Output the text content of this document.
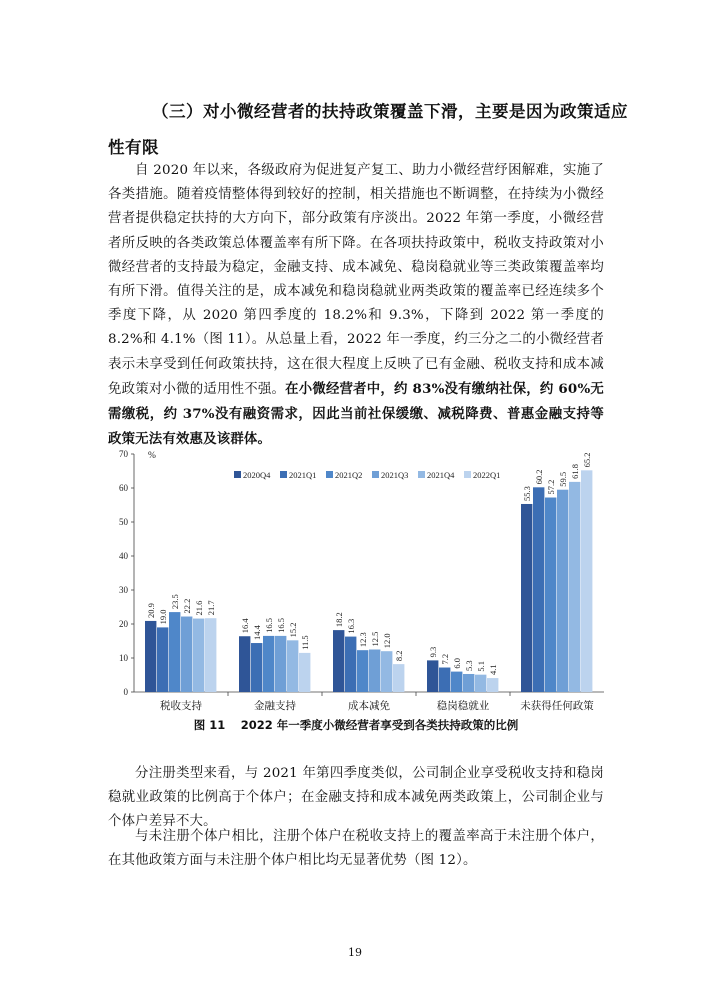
（三）对小微经营者的扶持政策覆盖下滑，主要是因为政策适应
性有限

自 2020 年以来，各级政府为促进复产复工、助力小微经营纾困解难，实施了各类措施。随着疫情整体得到较好的控制，相关措施也不断调整，在持续为小微经营者提供稳定扶持的大方向下，部分政策有序淡出。2022 年第一季度，小微经营者所反映的各类政策总体覆盖率有所下降。在各项扶持政策中，税收支持政策对小微经营者的支持最为稳定，金融支持、成本减免、稳岗稳就业等三类政策覆盖率均有所下滑。值得关注的是，成本减免和稳岗稳就业两类政策的覆盖率已经连续多个季度下降，从 2020 第四季度的 18.2%和 9.3%，下降到 2022 第一季度的 8.2%和 4.1%（图 11）。从总量上看，2022 年一季度，约三分之二的小微经营者表示未享受到任何政策扶持，这在很大程度上反映了已有金融、税收支持和成本减免政策对小微的适用性不强。在小微经营者中，约 83%没有缴纳社保，约 60%无需缴税，约 37%没有融资需求，因此当前社保缓缴、减税降费、普惠金融支持等政策无法有效惠及该群体。

0
10
20
30
40
50
60
70 %
20.9 19.0
23.5 22.2 21.6 21.7
税收支持
16.4 14.4 16.5 16.5 15.2
11.5
金融支持
18.2 16.3
12.3 12.5 12.0
8.2
成本减免
9.3
7.2 6.0 5.3 5.1 4.1
稳岗稳就业
55.3
60.2
57.2
59.5
61.8
65.2
未获得任何政策
2020Q4 2021Q1 2021Q2 2021Q3 2021Q4 2022Q1
图 11　 2022 年一季度小微经营者享受到各类扶持政策的比例

分注册类型来看，与 2021 年第四季度类似，公司制企业享受税收支持和稳岗稳就业政策的比例高于个体户；在金融支持和成本减免两类政策上，公司制企业与个体户差异不大。

与未注册个体户相比，注册个体户在税收支持上的覆盖率高于未注册个体户，在其他政策方面与未注册个体户相比均无显著优势（图 12）。

19
